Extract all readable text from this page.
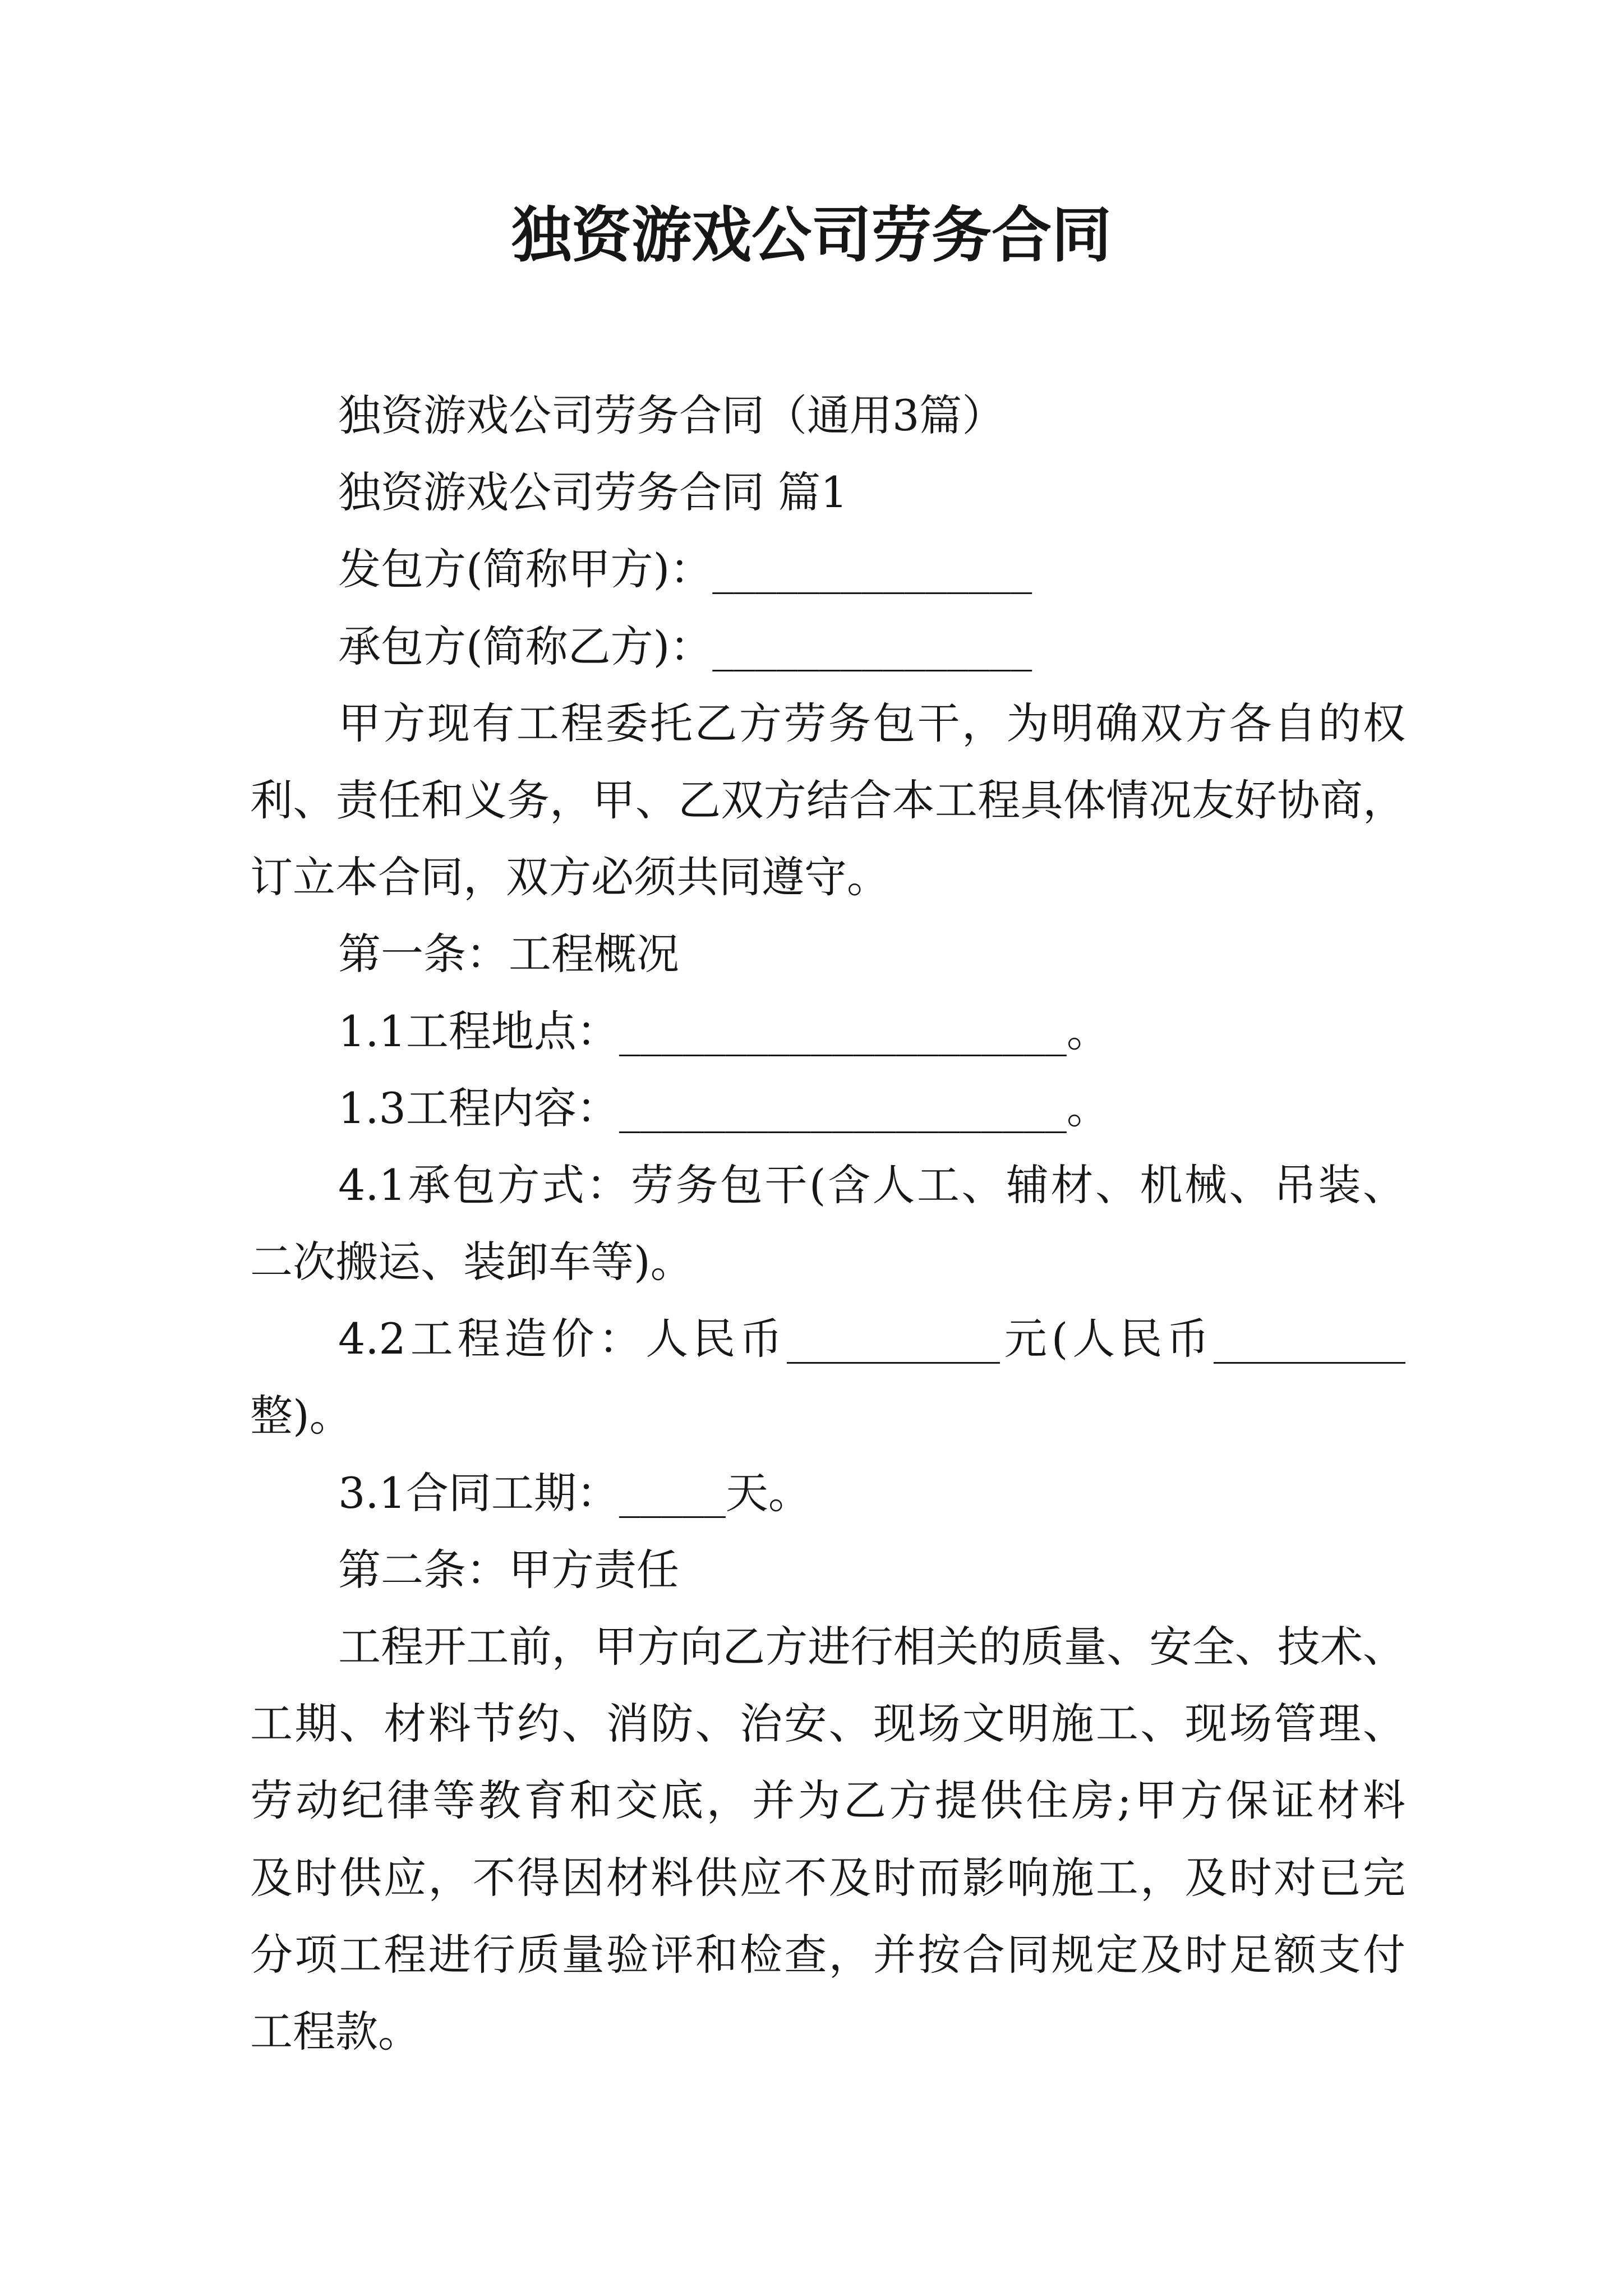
独资游戏公司劳务合同
独资游戏公司劳务合同（通用3篇）
独资游戏公司劳务合同 篇1
发包方(简称甲方)：_______________
承包方(简称乙方)：_______________
甲方现有工程委托乙方劳务包干，为明确双方各自的权
利、责任和义务，甲、乙双方结合本工程具体情况友好协商，
订立本合同，双方必须共同遵守。
第一条：工程概况
1.1工程地点：_____________________。
1.3工程内容：_____________________。
4.1承包方式：劳务包干(含人工、辅材、机械、吊装、
二次搬运、装卸车等)。
4.2工程造价：人民币__________元(人民币_________
整)。
3.1合同工期：_____天。
第二条：甲方责任
工程开工前，甲方向乙方进行相关的质量、安全、技术、
工期、材料节约、消防、治安、现场文明施工、现场管理、
劳动纪律等教育和交底，并为乙方提供住房;甲方保证材料
及时供应，不得因材料供应不及时而影响施工，及时对已完
分项工程进行质量验评和检查，并按合同规定及时足额支付
工程款。
